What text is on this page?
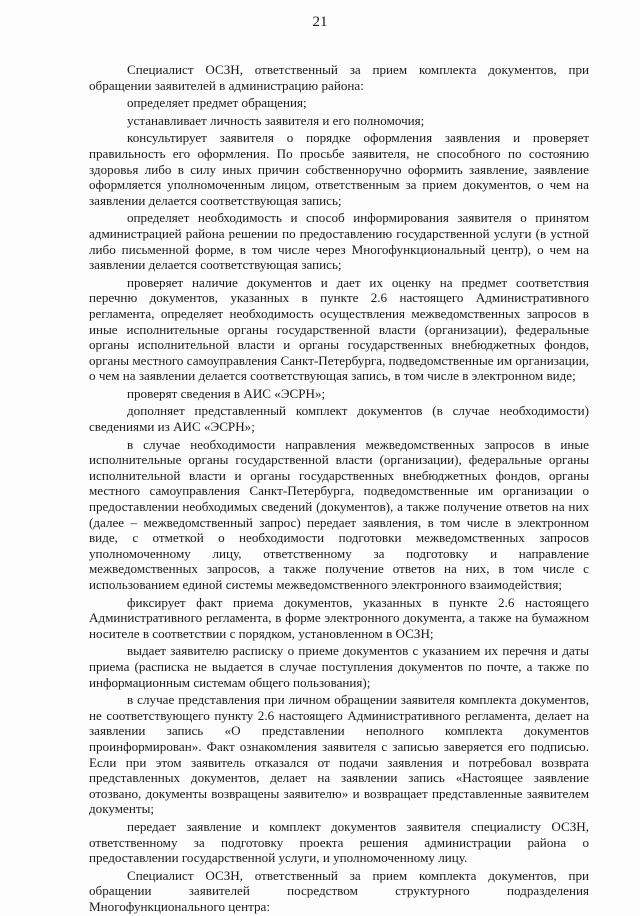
21

Специалист ОСЗН, ответственный за прием комплекта документов, при обращении заявителей в администрацию района:

определяет предмет обращения;

устанавливает личность заявителя и его полномочия;

консультирует заявителя о порядке оформления заявления и проверяет правильность его оформления. По просьбе заявителя, не способного по состоянию здоровья либо в силу иных причин собственноручно оформить заявление, заявление оформляется уполномоченным лицом, ответственным за прием документов, о чем на заявлении делается соответствующая запись;

определяет необходимость и способ информирования заявителя о принятом администрацией района решении по предоставлению государственной услуги (в устной либо письменной форме, в том числе через Многофункциональный центр), о чем на заявлении делается соответствующая запись;

проверяет наличие документов и дает их оценку на предмет соответствия перечню документов, указанных в пункте 2.6 настоящего Административного регламента, определяет необходимость осуществления межведомственных запросов в иные исполнительные органы государственной власти (организации), федеральные органы исполнительной власти и органы государственных внебюджетных фондов, органы местного самоуправления Санкт-Петербурга, подведомственные им организации, о чем на заявлении делается соответствующая запись, в том числе в электронном виде;

проверят сведения в АИС «ЭСРН»;

дополняет представленный комплект документов (в случае необходимости) сведениями из АИС «ЭСРН»;

в случае необходимости направления межведомственных запросов в иные исполнительные органы государственной власти (организации), федеральные органы исполнительной власти и органы государственных внебюджетных фондов, органы местного самоуправления Санкт-Петербурга, подведомственные им организации о предоставлении необходимых сведений (документов), а также получение ответов на них (далее – межведомственный запрос) передает заявления, в том числе в электронном виде, с отметкой о необходимости подготовки межведомственных запросов уполномоченному лицу, ответственному за подготовку и направление межведомственных запросов, а также получение ответов на них, в том числе с использованием единой системы межведомственного электронного взаимодействия;

фиксирует факт приема документов, указанных в пункте 2.6 настоящего Административного регламента, в форме электронного документа, а также на бумажном носителе в соответствии с порядком, установленном в ОСЗН;

выдает заявителю расписку о приеме документов с указанием их перечня и даты приема (расписка не выдается в случае поступления документов по почте, а также по информационным системам общего пользования);

в случае представления при личном обращении заявителя комплекта документов, не соответствующего пункту 2.6 настоящего Административного регламента, делает на заявлении запись «О представлении неполного комплекта документов проинформирован». Факт ознакомления заявителя с записью заверяется его подписью. Если при этом заявитель отказался от подачи заявления и потребовал возврата представленных документов, делает на заявлении запись «Настоящее заявление отозвано, документы возвращены заявителю» и возвращает представленные заявителем документы;

передает заявление и комплект документов заявителя специалисту ОСЗН, ответственному за подготовку проекта решения администрации района о предоставлении государственной услуги, и уполномоченному лицу.

Специалист ОСЗН, ответственный за прием комплекта документов, при обращении заявителей посредством структурного подразделения Многофункционального центра:
